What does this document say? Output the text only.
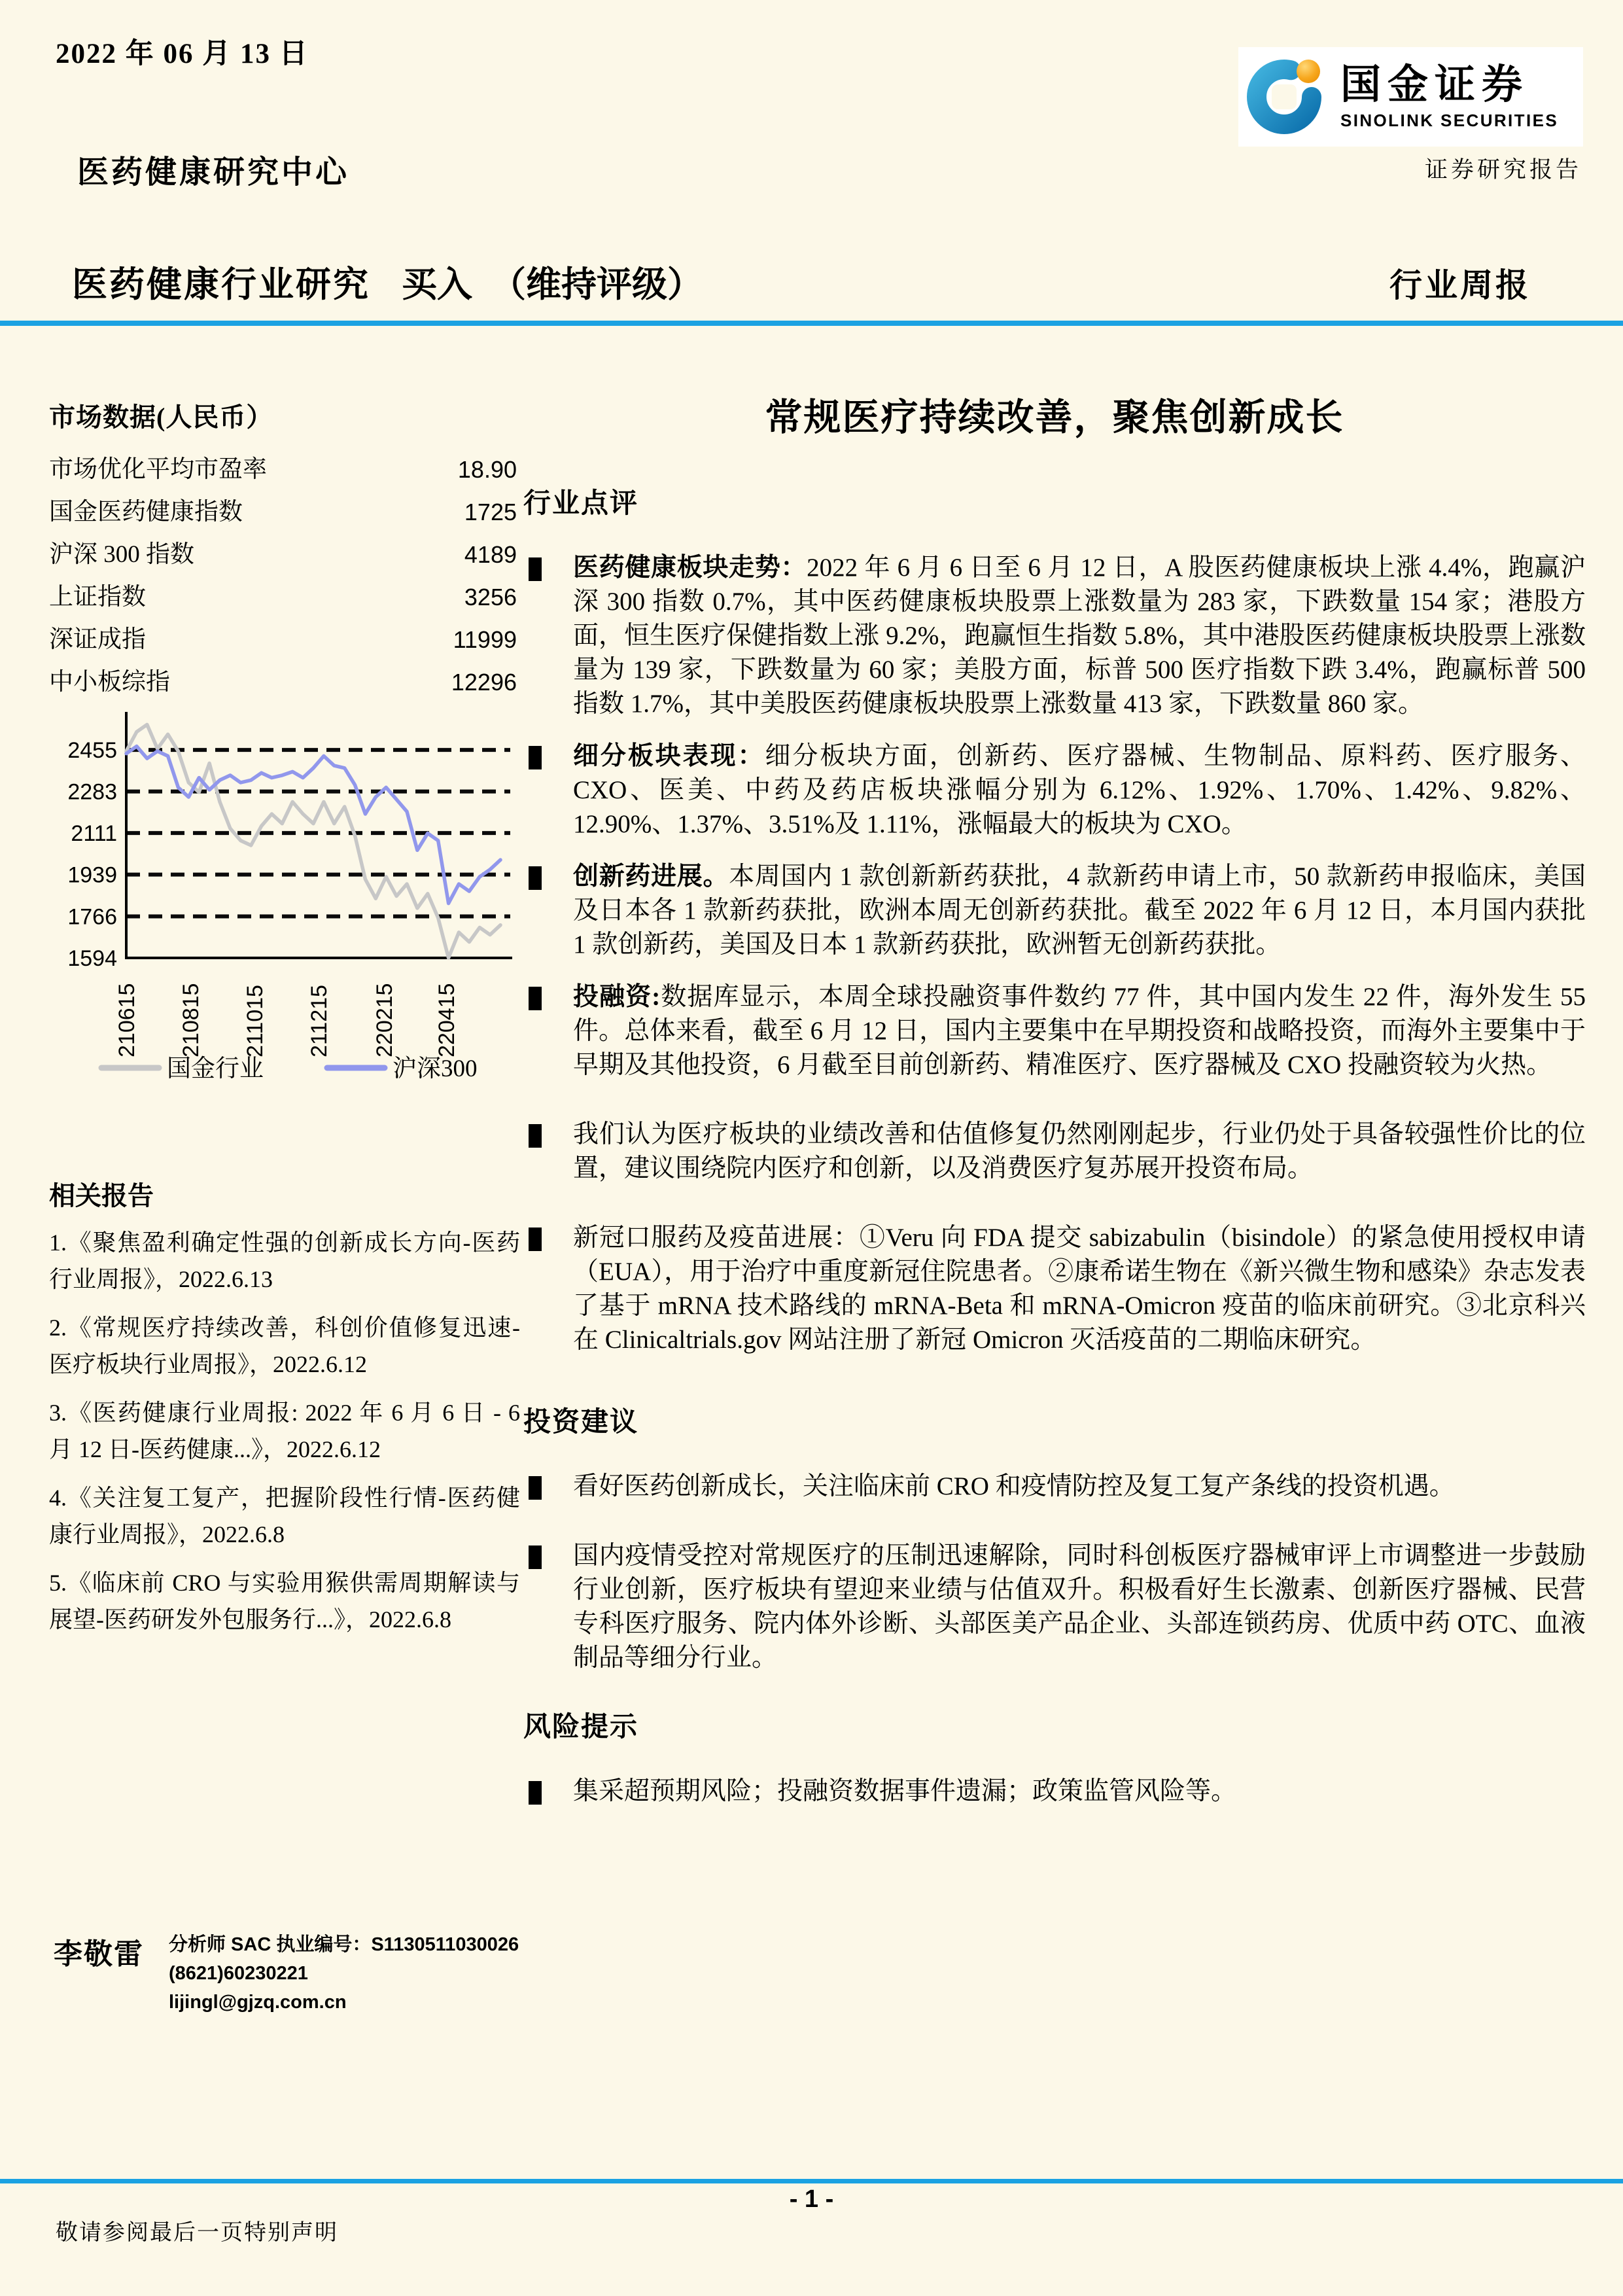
2022 年 06 月 13 日
国金证券
SINOLINK SECURITIES
证券研究报告
医药健康研究中心
医药健康行业研究 买入 （维持评级）	行业周报
市场数据(人民币）
市场优化平均市盈率	18.90
国金医药健康指数	1725
沪深 300 指数	4189
上证指数	3256
深证成指	11999
中小板综指	12296
2455
2283
2111
1939
1766
1594
210615 210815 211015 211215 220215 220415
国金行业	沪深300
相关报告
1.《聚焦盈利确定性强的创新成长方向-医药行业周报》，2022.6.13
2.《常规医疗持续改善，科创价值修复迅速-医疗板块行业周报》，2022.6.12
3.《医药健康行业周报: 2022 年 6 月 6 日 - 6 月 12 日-医药健康...》，2022.6.12
4.《关注复工复产，把握阶段性行情-医药健康行业周报》，2022.6.8
5.《临床前 CRO 与实验用猴供需周期解读与展望-医药研发外包服务行...》，2022.6.8
李敬雷	分析师 SAC 执业编号：S1130511030026
(8621)60230221
lijingl@gjzq.com.cn
常规医疗持续改善，聚焦创新成长
行业点评
医药健康板块走势：2022 年 6 月 6 日至 6 月 12 日，A 股医药健康板块上涨 4.4%，跑赢沪深 300 指数 0.7%，其中医药健康板块股票上涨数量为 283 家，下跌数量 154 家；港股方面，恒生医疗保健指数上涨 9.2%，跑赢恒生指数 5.8%，其中港股医药健康板块股票上涨数量为 139 家，下跌数量为 60 家；美股方面，标普 500 医疗指数下跌 3.4%，跑赢标普 500 指数 1.7%，其中美股医药健康板块股票上涨数量 413 家，下跌数量 860 家。
细分板块表现：细分板块方面，创新药、医疗器械、生物制品、原料药、医疗服务、CXO、医美、中药及药店板块涨幅分别为 6.12%、1.92%、1.70%、1.42%、9.82%、12.90%、1.37%、3.51%及 1.11%，涨幅最大的板块为 CXO。
创新药进展。本周国内 1 款创新新药获批，4 款新药申请上市，50 款新药申报临床，美国及日本各 1 款新药获批，欧洲本周无创新药获批。截至 2022 年 6 月 12 日，本月国内获批 1 款创新药，美国及日本 1 款新药获批，欧洲暂无创新药获批。
投融资:数据库显示，本周全球投融资事件数约 77 件，其中国内发生 22 件，海外发生 55 件。总体来看，截至 6 月 12 日，国内主要集中在早期投资和战略投资，而海外主要集中于早期及其他投资，6 月截至目前创新药、精准医疗、医疗器械及 CXO 投融资较为火热。
我们认为医疗板块的业绩改善和估值修复仍然刚刚起步，行业仍处于具备较强性价比的位置，建议围绕院内医疗和创新，以及消费医疗复苏展开投资布局。
新冠口服药及疫苗进展：①Veru 向 FDA 提交 sabizabulin（bisindole）的紧急使用授权申请（EUA），用于治疗中重度新冠住院患者。②康希诺生物在《新兴微生物和感染》杂志发表了基于 mRNA 技术路线的 mRNA-Beta 和 mRNA-Omicron 疫苗的临床前研究。③北京科兴在 Clinicaltrials.gov 网站注册了新冠 Omicron 灭活疫苗的二期临床研究。
投资建议
看好医药创新成长，关注临床前 CRO 和疫情防控及复工复产条线的投资机遇。
国内疫情受控对常规医疗的压制迅速解除，同时科创板医疗器械审评上市调整进一步鼓励行业创新，医疗板块有望迎来业绩与估值双升。积极看好生长激素、创新医疗器械、民营专科医疗服务、院内体外诊断、头部医美产品企业、头部连锁药房、优质中药 OTC、血液制品等细分行业。
风险提示
集采超预期风险；投融资数据事件遗漏；政策监管风险等。
- 1 -
敬请参阅最后一页特别声明
